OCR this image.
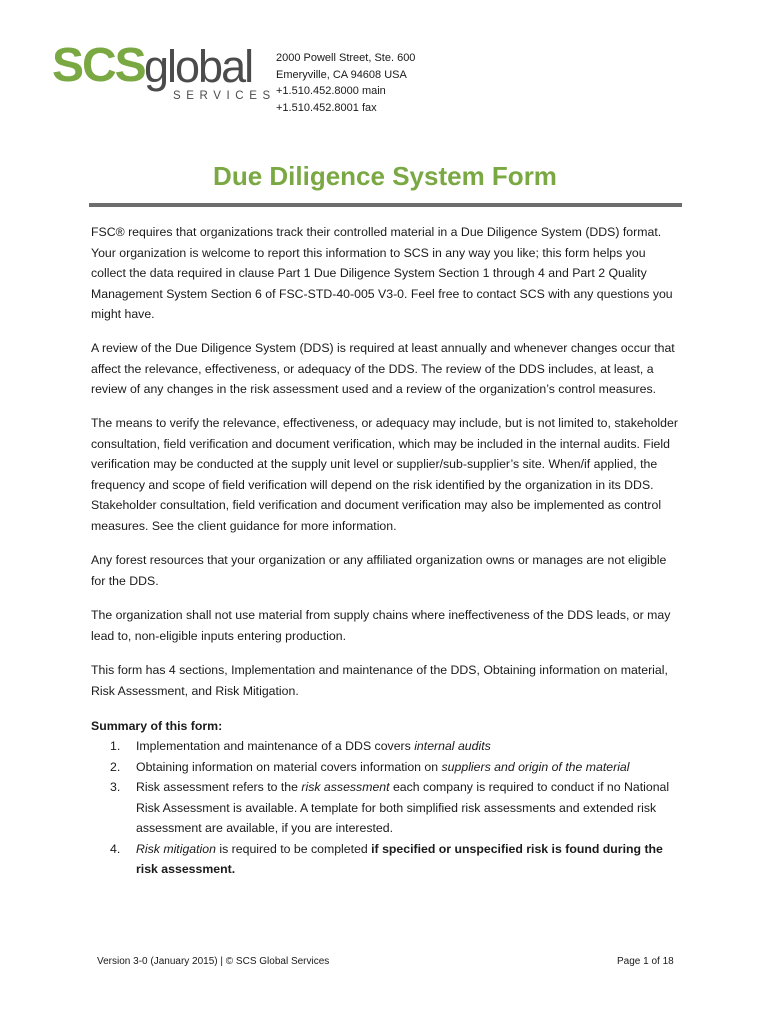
SCS global
SERVICES
2000 Powell Street, Ste. 600
Emeryville, CA 94608 USA
+1.510.452.8000 main
+1.510.452.8001 fax
Due Diligence System Form

FSC® requires that organizations track their controlled material in a Due Diligence System (DDS) format. Your organization is welcome to report this information to SCS in any way you like; this form helps you collect the data required in clause Part 1 Due Diligence System Section 1 through 4 and Part 2 Quality Management System Section 6 of FSC-STD-40-005 V3-0. Feel free to contact SCS with any questions you might have.

A review of the Due Diligence System (DDS) is required at least annually and whenever changes occur that affect the relevance, effectiveness, or adequacy of the DDS. The review of the DDS includes, at least, a review of any changes in the risk assessment used and a review of the organization’s control measures.

The means to verify the relevance, effectiveness, or adequacy may include, but is not limited to, stakeholder consultation, field verification and document verification, which may be included in the internal audits. Field verification may be conducted at the supply unit level or supplier/sub-supplier’s site. When/if applied, the frequency and scope of field verification will depend on the risk identified by the organization in its DDS. Stakeholder consultation, field verification and document verification may also be implemented as control measures. See the client guidance for more information.

Any forest resources that your organization or any affiliated organization owns or manages are not eligible for the DDS.

The organization shall not use material from supply chains where ineffectiveness of the DDS leads, or may lead to, non-eligible inputs entering production.

This form has 4 sections, Implementation and maintenance of the DDS, Obtaining information on material, Risk Assessment, and Risk Mitigation.

Summary of this form:
1. Implementation and maintenance of a DDS covers internal audits
2. Obtaining information on material covers information on suppliers and origin of the material
3. Risk assessment refers to the risk assessment each company is required to conduct if no National Risk Assessment is available. A template for both simplified risk assessments and extended risk assessment are available, if you are interested.
4. Risk mitigation is required to be completed if specified or unspecified risk is found during the risk assessment.
Version 3-0 (January 2015) | © SCS Global Services	Page 1 of 18
